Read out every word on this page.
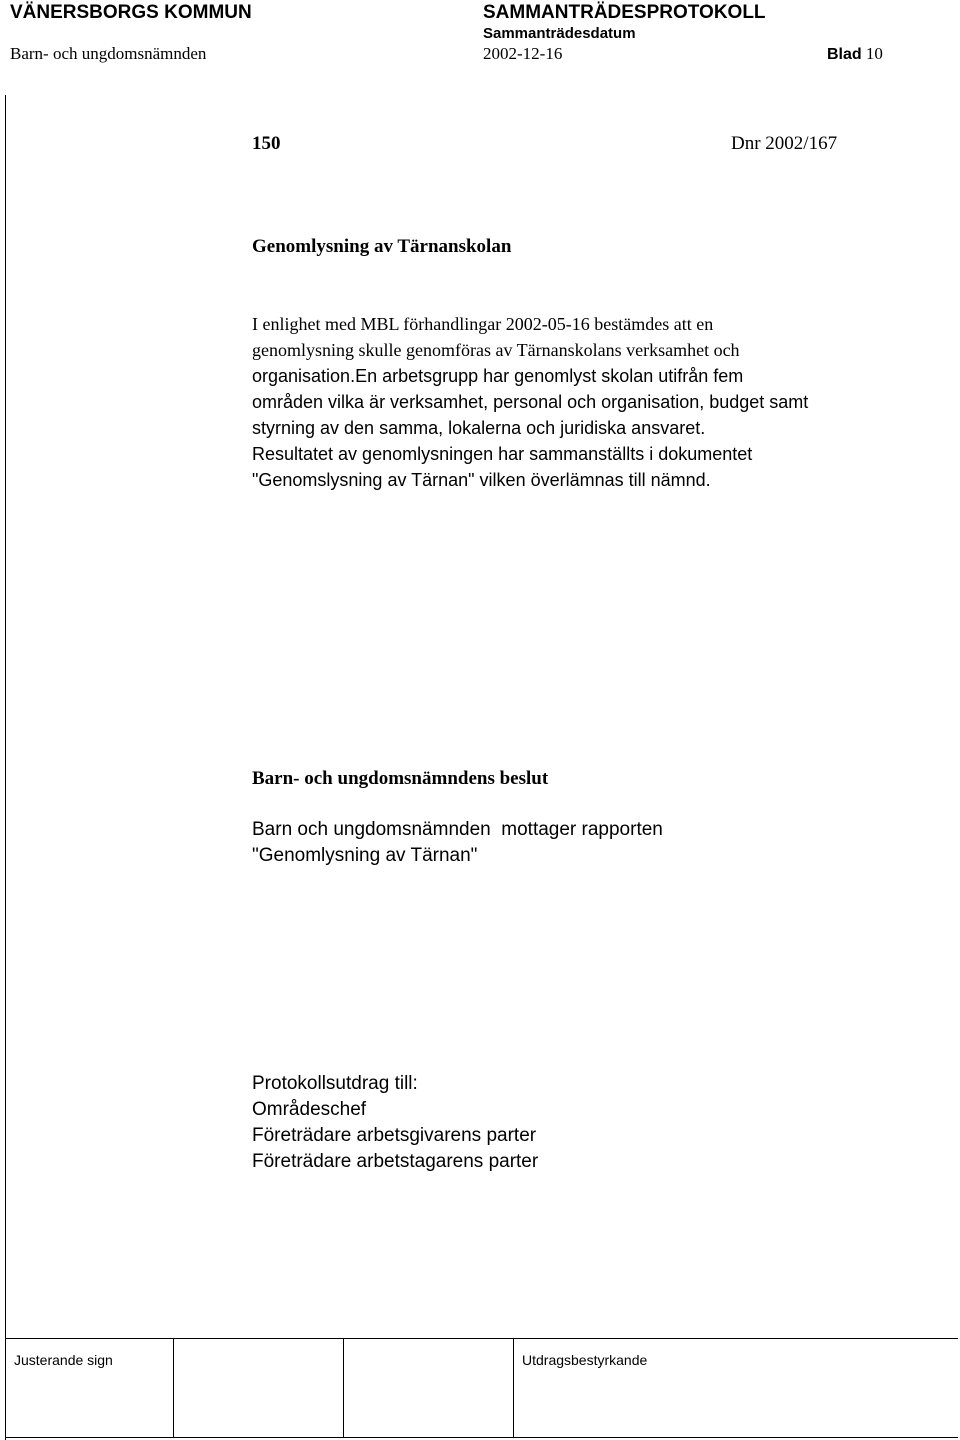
VÄNERSBORGS KOMMUN	SAMMANTRÄDESPROTOKOLL
Sammanträdesdatum
Barn- och ungdomsnämnden	2002-12-16	Blad 10
150	Dnr 2002/167
Genomlysning av Tärnanskolan
I enlighet med MBL förhandlingar 2002-05-16 bestämdes att en
genomlysning skulle genomföras av Tärnanskolans verksamhet och
organisation.En arbetsgrupp har genomlyst skolan utifrån fem
områden vilka är verksamhet, personal och organisation, budget samt
styrning av den samma, lokalerna och juridiska ansvaret.
Resultatet av genomlysningen har sammanställts i dokumentet
"Genomslysning av Tärnan" vilken överlämnas till nämnd.
Barn- och ungdomsnämndens beslut
Barn och ungdomsnämnden  mottager rapporten
"Genomlysning av Tärnan"
Protokollsutdrag till:
Områdeschef
Företrädare arbetsgivarens parter
Företrädare arbetstagarens parter
Justerande sign	Utdragsbestyrkande
